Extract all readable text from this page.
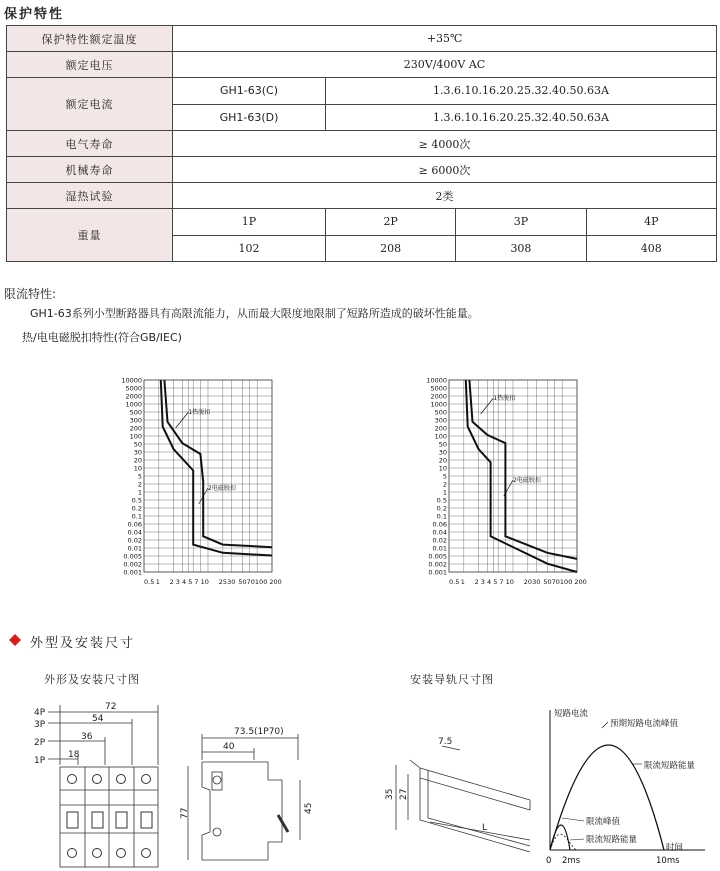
保护特性
保护特性额定温度	+35℃			
额定电压	230V/400V AC			
额定电流	GH1-63(C)	1.3.6.10.16.20.25.32.40.50.63A		
	GH1-63(D)	1.3.6.10.16.20.25.32.40.50.63A		
电气寿命	≥ 4000次			
机械寿命	≥ 6000次			
湿热试验	2类			
重量	1P	2P	3P	4P
	102	208	308	408
限流特性:
GH1-63系列小型断路器具有高限流能力，从而最大限度地限制了短路所造成的破坏性能量。
热/电电磁脱扣特性(符合GB/IEC)
10000
5000
2000
1000
500
300
200
100
50
30
20
10
5
2
1
0.5
0.2
0.1
0.06
0.04
0.02
0.01
0.005
0.002
0.001
0.5 1 2 3 4 5 7 10 2530 5070100 200
1热脱扣
2电磁脱扣
10000
5000
2000
1000
500
300
200
100
50
30
20
10
5
2
1
0.5
0.2
0.1
0.06
0.04
0.02
0.01
0.005
0.002
0.001
0.5 1 2 3 4 5 7 10 2030 5070100 200
1热脱扣
2电磁脱扣
外型及安装尺寸
外形及安装尺寸图	安装导轨尺寸图
4P
3P
2P
1P
72
54
36
18
73.5(1P70)
40
77	45
7.5
35 27
L
短路电流
时间
0 2ms	10ms
预期短路电流峰值
限流短路能量
限流峰值
限流短路能量
